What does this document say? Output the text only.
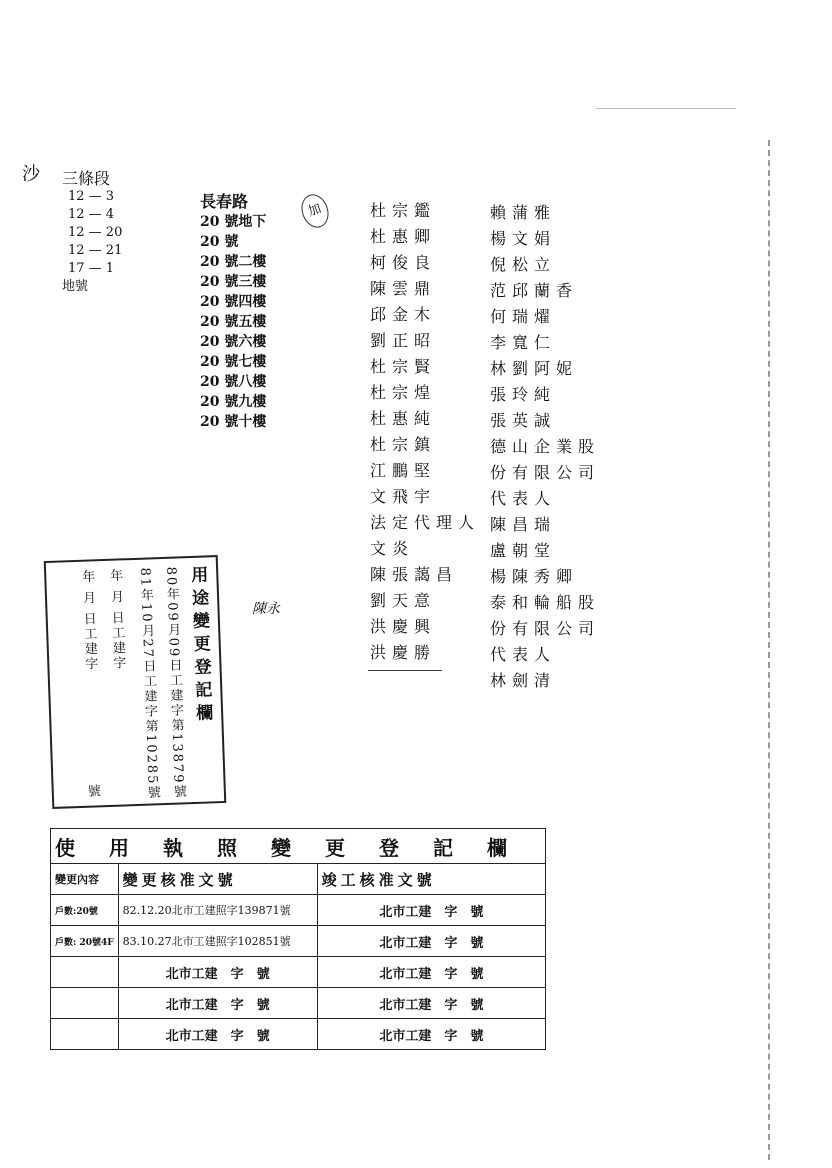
沙 三條段
12 — 3
12 — 4
12 — 20
12 — 21
17 — 1
地號
長春路
20 號地下
20 號
20 號二樓
20 號三樓
20 號四樓
20 號五樓
20 號六樓
20 號七樓
20 號八樓
20 號九樓
20 號十樓
加	杜宗鑑
杜惠卿
柯俊良
陳雲鼎
邱金木
劉正昭
杜宗賢
杜宗煌
杜惠純
杜宗鎮
江鵬堅
文飛宇
法定代理人
文炎
陳張藹昌
劉天意
洪慶興
洪慶勝
賴蒲雅
楊文娟
倪松立
范邱蘭香
何瑞燿
李寬仁
林劉阿妮
張玲純
張英誠
德山企業股
份有限公司
代表人
陳昌瑞
盧朝堂
楊陳秀卿
泰和輪船股
份有限公司
代表人
林劍清
用途變更登記欄
80年09月09日工建字第13879號
81年10月27日工建字第10285號
年 月 日工建字
年 月 日工建字
號
陳永
使用執照變更登記欄		
變更內容	變更核准文號	竣工核准文號
戶數:20號	82.12.20北市工建照字139871號	北市工建　字　號
戶數: 20號4F	83.10.27北市工建照字102851號	北市工建　字　號
	北市工建　字　號	北市工建　字　號
	北市工建　字　號	北市工建　字　號
	北市工建　字　號	北市工建　字　號
